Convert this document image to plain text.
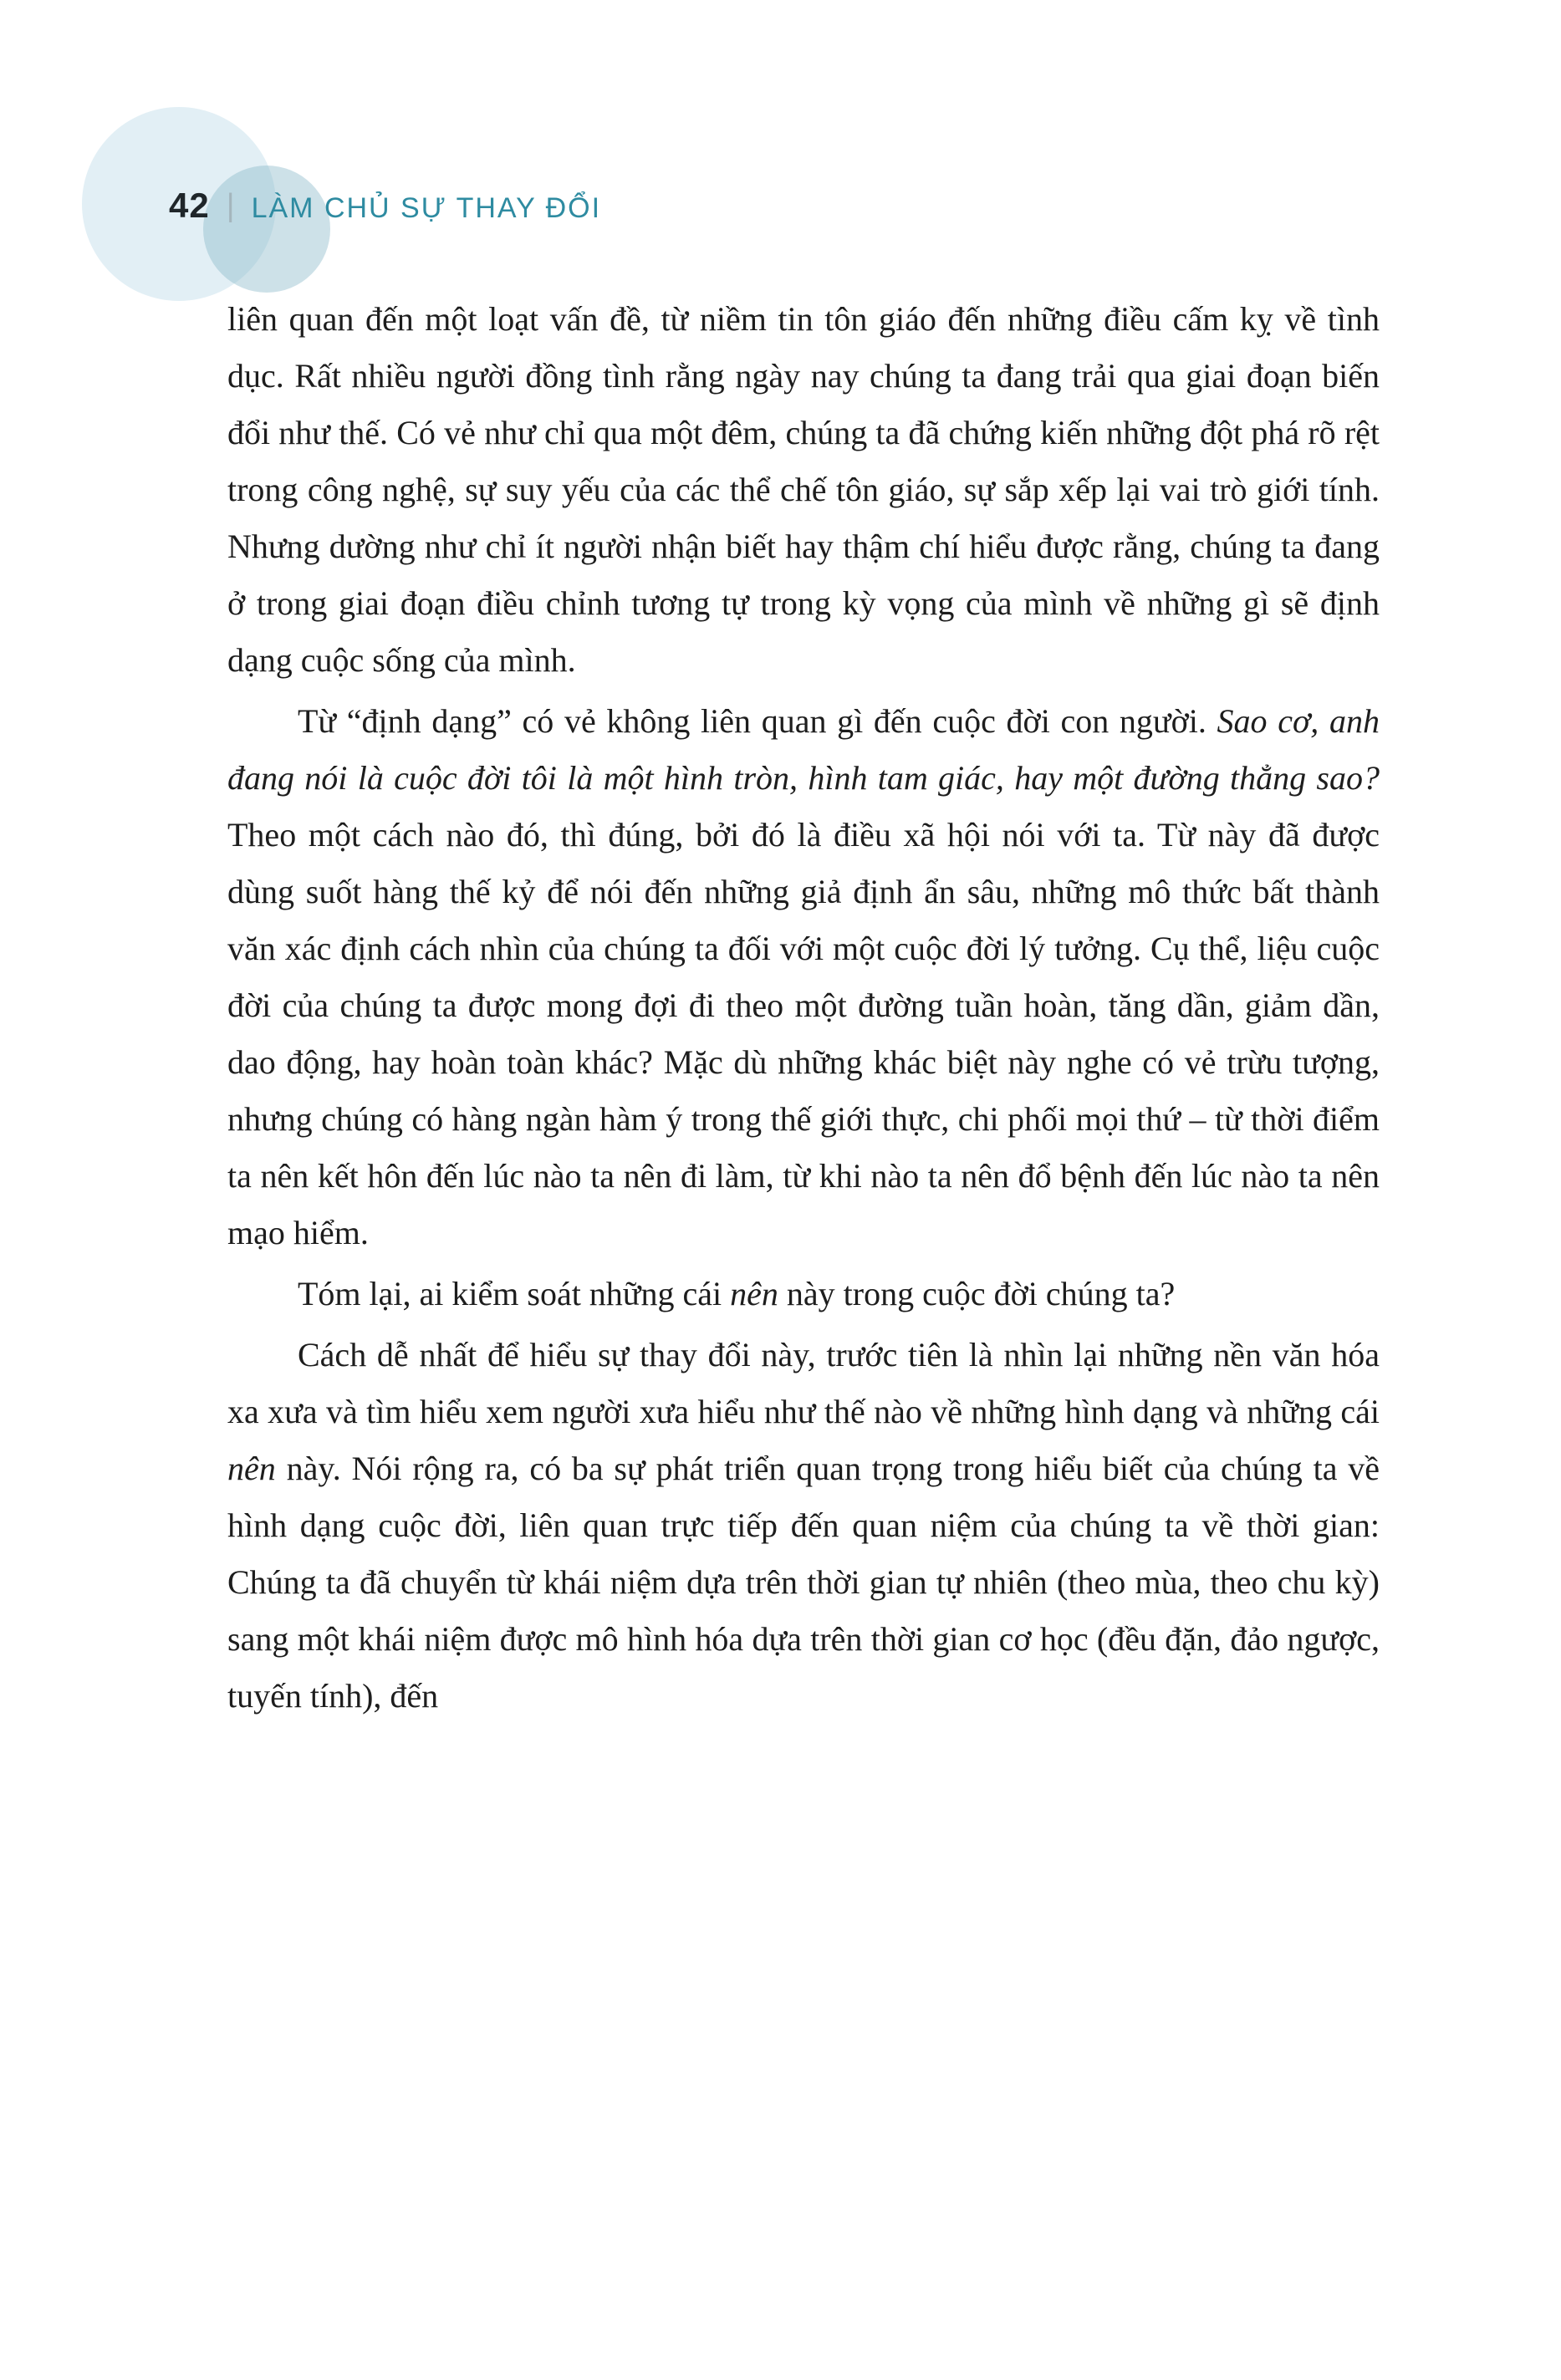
42 | LÀM CHỦ SỰ THAY ĐỔI

liên quan đến một loạt vấn đề, từ niềm tin tôn giáo đến những điều cấm kỵ về tình dục. Rất nhiều người đồng tình rằng ngày nay chúng ta đang trải qua giai đoạn biến đổi như thế. Có vẻ như chỉ qua một đêm, chúng ta đã chứng kiến những đột phá rõ rệt trong công nghệ, sự suy yếu của các thể chế tôn giáo, sự sắp xếp lại vai trò giới tính. Nhưng dường như chỉ ít người nhận biết hay thậm chí hiểu được rằng, chúng ta đang ở trong giai đoạn điều chỉnh tương tự trong kỳ vọng của mình về những gì sẽ định dạng cuộc sống của mình.

Từ “định dạng” có vẻ không liên quan gì đến cuộc đời con người. Sao cơ, anh đang nói là cuộc đời tôi là một hình tròn, hình tam giác, hay một đường thẳng sao? Theo một cách nào đó, thì đúng, bởi đó là điều xã hội nói với ta. Từ này đã được dùng suốt hàng thế kỷ để nói đến những giả định ẩn sâu, những mô thức bất thành văn xác định cách nhìn của chúng ta đối với một cuộc đời lý tưởng. Cụ thể, liệu cuộc đời của chúng ta được mong đợi đi theo một đường tuần hoàn, tăng dần, giảm dần, dao động, hay hoàn toàn khác? Mặc dù những khác biệt này nghe có vẻ trừu tượng, nhưng chúng có hàng ngàn hàm ý trong thế giới thực, chi phối mọi thứ – từ thời điểm ta nên kết hôn đến lúc nào ta nên đi làm, từ khi nào ta nên đổ bệnh đến lúc nào ta nên mạo hiểm.

Tóm lại, ai kiểm soát những cái nên này trong cuộc đời chúng ta?

Cách dễ nhất để hiểu sự thay đổi này, trước tiên là nhìn lại những nền văn hóa xa xưa và tìm hiểu xem người xưa hiểu như thế nào về những hình dạng và những cái nên này. Nói rộng ra, có ba sự phát triển quan trọng trong hiểu biết của chúng ta về hình dạng cuộc đời, liên quan trực tiếp đến quan niệm của chúng ta về thời gian: Chúng ta đã chuyển từ khái niệm dựa trên thời gian tự nhiên (theo mùa, theo chu kỳ) sang một khái niệm được mô hình hóa dựa trên thời gian cơ học (đều đặn, đảo ngược, tuyến tính), đến
